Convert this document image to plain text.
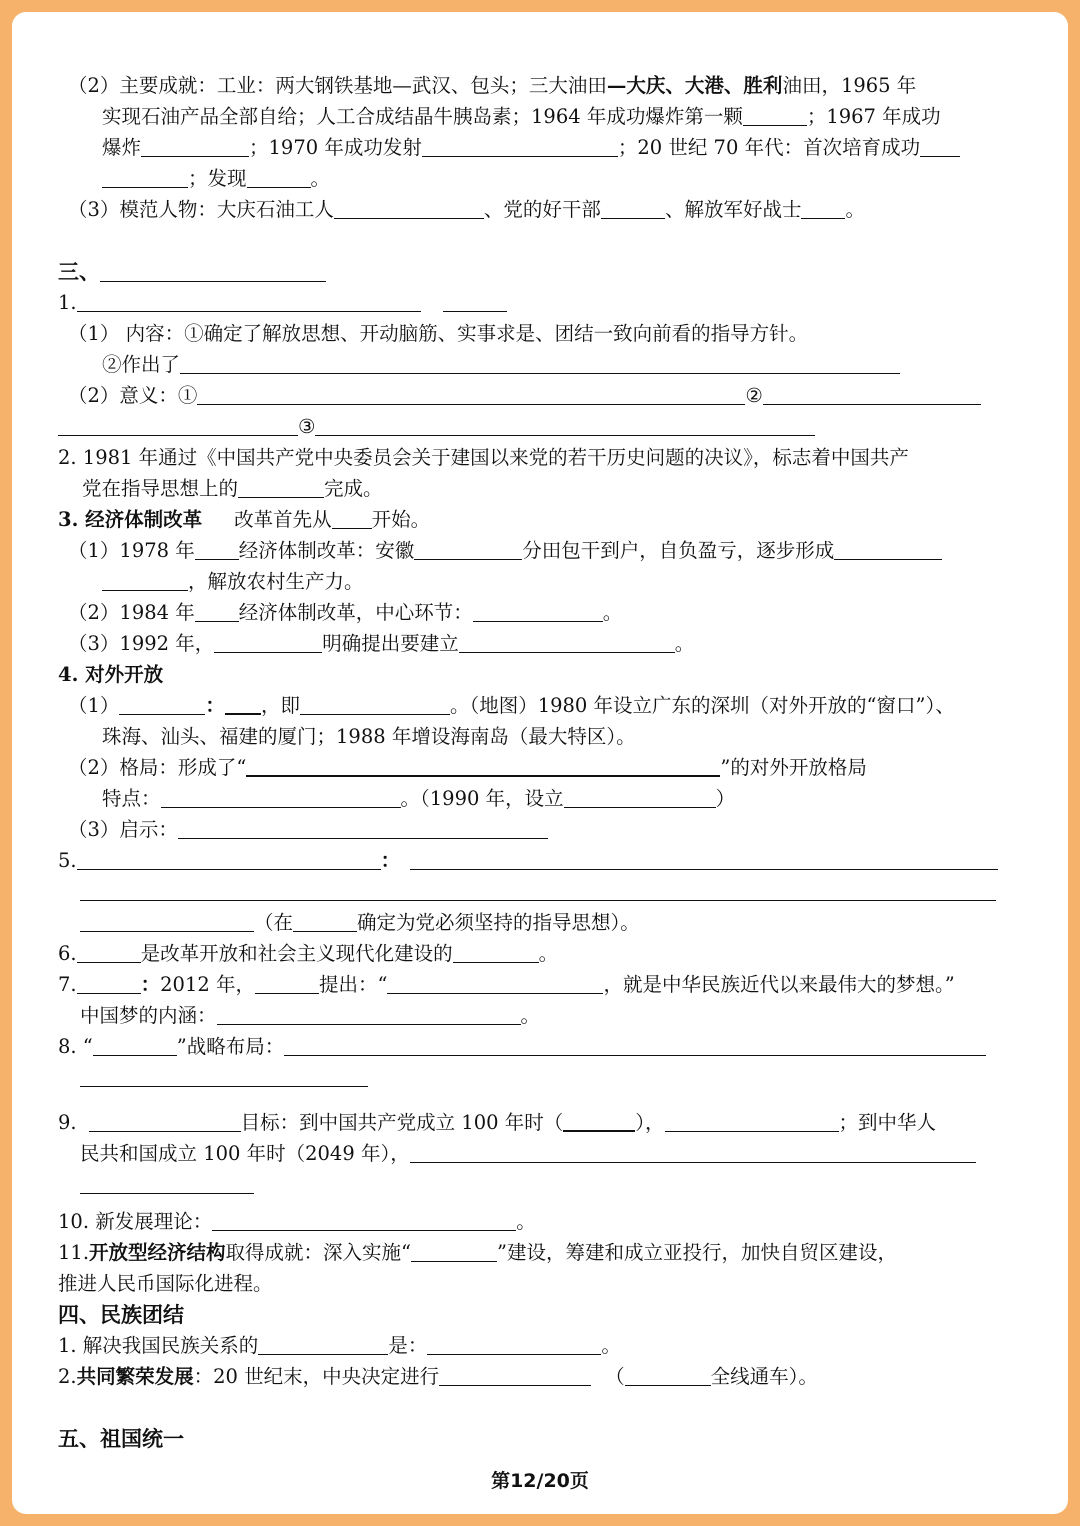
（2）主要成就：工业：两大钢铁基地—武汉、包头；三大油田—大庆、大港、胜利油田，1965 年
实现石油产品全部自给；人工合成结晶牛胰岛素；1964 年成功爆炸第一颗	；1967 年成功
爆炸	；1970 年成功发射	；20 世纪 70 年代：首次培育成功
；发现	。
（3）模范人物：大庆石油工人	、党的好干部	、解放军好战士 。
三、
1.
（1） 内容：①确定了解放思想、开动脑筋、实事求是、团结一致向前看的指导方针。
②作出了
（2）意义：①	②
③
2. 1981 年通过《中国共产党中央委员会关于建国以来党的若干历史问题的决议》，标志着中国共产
党在指导思想上的	完成。
3. 经济体制改革 改革首先从 开始。
（1）1978 年 经济体制改革：安徽	分田包干到户，自负盈亏，逐步形成
，解放农村生产力。
（2）1984 年 经济体制改革，中心环节：	。
（3）1992 年，	明确提出要建立	。
4. 对外开放
（1）	： ，即	。（地图）1980 年设立广东的深圳（对外开放的“窗口”）、
珠海、汕头、福建的厦门；1988 年增设海南岛（最大特区）。
（2）格局：形成了“	”的对外开放格局
特点：	。（1990 年，设立	）
（3）启示：
5.	：
（在	确定为党必须坚持的指导思想）。
6.	是改革开放和社会主义现代化建设的	。
7.	：2012 年，	提出：“	，就是中华民族近代以来最伟大的梦想。”
中国梦的内涵：	。
8. “	”战略布局：
9.	目标：到中国共产党成立 100 年时（	），	；到中华人
民共和国成立 100 年时（2049 年），
10. 新发展理论：	。
11.开放型经济结构取得成就：深入实施“	”建设，筹建和成立亚投行，加快自贸区建设，
推进人民币国际化进程。
四、民族团结
1. 解决我国民族关系的	是：	。
2.共同繁荣发展：20 世纪末，中央决定进行	（	全线通车）。
五、祖国统一
第12/20页
